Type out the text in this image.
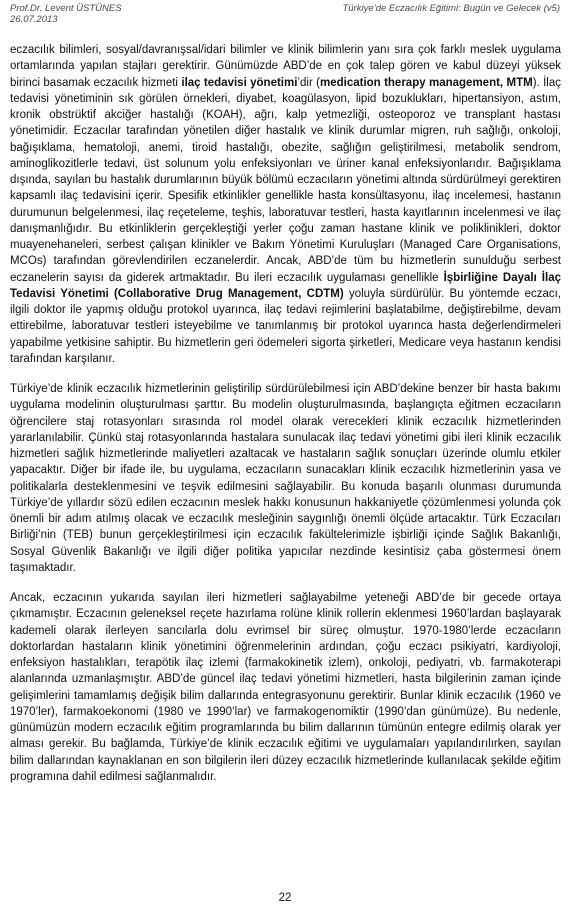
Prof.Dr. Levent ÜSTÜNES
26.07.2013
Türkiye’de Eczacılık Eğitimi: Bugün ve Gelecek (v5)

eczacılık bilimleri, sosyal/davranışsal/idari bilimler ve klinik bilimlerin yanı sıra çok farklı meslek uygulama ortamlarında yapılan stajları gerektirir. Günümüzde ABD’de en çok talep gören ve kabul düzeyi yüksek birinci basamak eczacılık hizmeti ilaç tedavisi yönetimi’dir (medication therapy management, MTM). İlaç tedavisi yönetiminin sık görülen örnekleri, diyabet, koagülasyon, lipid bozuklukları, hipertansiyon, astım, kronik obstrüktif akciğer hastalığı (KOAH), ağrı, kalp yetmezliği, osteoporoz ve transplant hastası yönetimidir. Eczacılar tarafından yönetilen diğer hastalık ve klinik durumlar migren, ruh sağlığı, onkoloji, bağışıklama, hematoloji, anemi, tiroid hastalığı, obezite, sağlığın geliştirilmesi, metabolik sendrom, aminoglikozitlerle tedavi, üst solunum yolu enfeksiyonları ve üriner kanal enfeksiyonlarıdır. Bağışıklama dışında, sayılan bu hastalık durumlarının büyük bölümü eczacıların yönetimi altında sürdürülmeyi gerektiren kapsamlı ilaç tedavisini içerir. Spesifik etkinlikler genellikle hasta konsültasyonu, ilaç incelemesi, hastanın durumunun belgelenmesi, ilaç reçeteleme, teşhis, laboratuvar testleri, hasta kayıtlarının incelenmesi ve ilaç danışmanlığıdır. Bu etkinliklerin gerçekleştiği yerler çoğu zaman hastane klinik ve poliklinikleri, doktor muayenehaneleri, serbest çalışan klinikler ve Bakım Yönetimi Kuruluşları (Managed Care Organisations, MCOs) tarafından görevlendirilen eczanelerdir. Ancak, ABD’de tüm bu hizmetlerin sunulduğu serbest eczanelerin sayısı da giderek artmaktadır. Bu ileri eczacılık uygulaması genellikle İşbirliğine Dayalı İlaç Tedavisi Yönetimi (Collaborative Drug Management, CDTM) yoluyla sürdürülür. Bu yöntemde eczacı, ilgili doktor ile yapmış olduğu protokol uyarınca, ilaç tedavi rejimlerini başlatabilme, değiştirebilme, devam ettirebilme, laboratuvar testleri isteyebilme ve tanımlanmış bir protokol uyarınca hasta değerlendirmeleri yapabilme yetkisine sahiptir. Bu hizmetlerin geri ödemeleri sigorta şirketleri, Medicare veya hastanın kendisi tarafından karşılanır.

Türkiye’de klinik eczacılık hizmetlerinin geliştirilip sürdürülebilmesi için ABD’dekine benzer bir hasta bakımı uygulama modelinin oluşturulması şarttır. Bu modelin oluşturulmasında, başlangıçta eğitmen eczacıların öğrencilere staj rotasyonları sırasında rol model olarak verecekleri klinik eczacılık hizmetlerinden yararlanılabilir. Çünkü staj rotasyonlarında hastalara sunulacak ilaç tedavi yönetimi gibi ileri klinik eczacılık hizmetleri sağlık hizmetlerinde maliyetleri azaltacak ve hastaların sağlık sonuçları üzerinde olumlu etkiler yapacaktır. Diğer bir ifade ile, bu uygulama, eczacıların sunacakları klinik eczacılık hizmetlerinin yasa ve politikalarla desteklenmesini ve teşvik edilmesini sağlayabilir. Bu konuda başarılı olunması durumunda Türkiye’de yıllardır sözü edilen eczacının meslek hakkı konusunun hakkaniyetle çözümlenmesi yolunda çok önemli bir adım atılmış olacak ve eczacılık mesleğinin saygınlığı önemli ölçüde artacaktır. Türk Eczacıları Birliği’nin (TEB) bunun gerçekleştirilmesi için eczacılık fakültelerimizle işbirliği içinde Sağlık Bakanlığı, Sosyal Güvenlik Bakanlığı ve ilgili diğer politika yapıcılar nezdinde kesintisiz çaba göstermesi önem taşımaktadır.

Ancak, eczacının yukarıda sayılan ileri hizmetleri sağlayabilme yeteneği ABD’de bir gecede ortaya çıkmamıştır. Eczacının geleneksel reçete hazırlama rolüne klinik rollerin eklenmesi 1960’lardan başlayarak kademeli olarak ilerleyen sancılarla dolu evrimsel bir süreç olmuştur. 1970-1980’lerde eczacıların doktorlardan hastaların klinik yönetimini öğrenmelerinin ardından, çoğu eczacı psikiyatri, kardiyoloji, enfeksiyon hastalıkları, terapötik ilaç izlemi (farmakokinetik izlem), onkoloji, pediyatri, vb. farmakoterapi alanlarında uzmanlaşmıştır. ABD’de güncel ilaç tedavi yönetimi hizmetleri, hasta bilgilerinin zaman içinde gelişimlerini tamamlamış değişik bilim dallarında entegrasyonunu gerektirir. Bunlar klinik eczacılık (1960 ve 1970’ler), farmakoekonomi (1980 ve 1990’lar) ve farmakogenomiktir (1990’dan günümüze). Bu nedenle, günümüzün modern eczacılık eğitim programlarında bu bilim dallarının tümünün entegre edilmiş olarak yer alması gerekir. Bu bağlamda, Türkiye’de klinik eczacılık eğitimi ve uygulamaları yapılandırılırken, sayılan bilim dallarından kaynaklanan en son bilgilerin ileri düzey eczacılık hizmetlerinde kullanılacak şekilde eğitim programına dahil edilmesi sağlanmalıdır.

22
